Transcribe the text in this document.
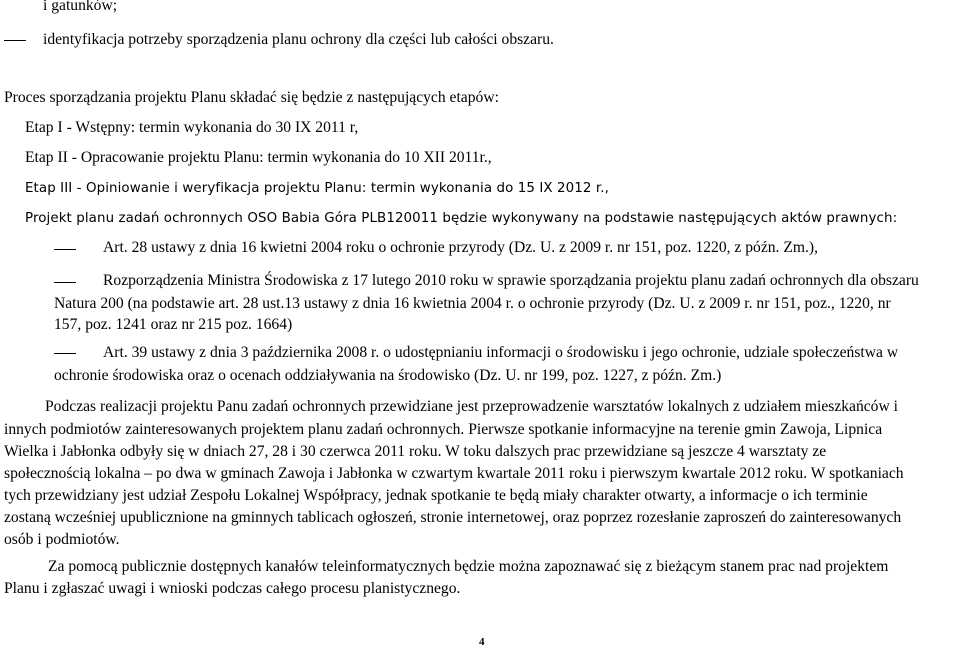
i gatunków;
identyfikacja potrzeby sporządzenia planu ochrony dla części lub całości obszaru.
Proces sporządzania projektu Planu składać się będzie z następujących etapów:
Etap I - Wstępny: termin wykonania do 30 IX 2011 r,
Etap II - Opracowanie projektu Planu: termin wykonania do 10 XII 2011r.,
Etap III - Opiniowanie i weryfikacja projektu Planu: termin wykonania do 15 IX 2012 r.,
Projekt planu zadań ochronnych OSO Babia Góra PLB120011 będzie wykonywany na podstawie następujących aktów prawnych:
Art. 28 ustawy z dnia 16 kwietni 2004 roku o ochronie przyrody (Dz. U. z 2009 r. nr 151, poz. 1220, z późn. Zm.),
Rozporządzenia Ministra Środowiska z 17 lutego 2010 roku w sprawie sporządzania projektu planu zadań ochronnych dla obszaru
Natura 200 (na podstawie art. 28 ust.13 ustawy z dnia 16 kwietnia 2004 r. o ochronie przyrody (Dz. U. z 2009 r. nr 151, poz., 1220, nr
157, poz. 1241 oraz nr 215 poz. 1664)
Art. 39 ustawy z dnia 3 października 2008 r. o udostępnianiu informacji o środowisku i jego ochronie, udziale społeczeństwa w
ochronie środowiska oraz o ocenach oddziaływania na środowisko (Dz. U. nr 199, poz. 1227, z późn. Zm.)
Podczas realizacji projektu Panu zadań ochronnych przewidziane jest przeprowadzenie warsztatów lokalnych z udziałem mieszkańców i
innych podmiotów zainteresowanych projektem planu zadań ochronnych. Pierwsze spotkanie informacyjne na terenie gmin Zawoja, Lipnica
Wielka i Jabłonka odbyły się w dniach 27, 28 i 30 czerwca 2011 roku. W toku dalszych prac przewidziane są jeszcze 4 warsztaty ze
społecznością lokalna – po dwa w gminach Zawoja i Jabłonka w czwartym kwartale 2011 roku i pierwszym kwartale 2012 roku. W spotkaniach
tych przewidziany jest udział Zespołu Lokalnej Współpracy, jednak spotkanie te będą miały charakter otwarty, a informacje o ich terminie
zostaną wcześniej upublicznione na gminnych tablicach ogłoszeń, stronie internetowej, oraz poprzez rozesłanie zaproszeń do zainteresowanych
osób i podmiotów.
Za pomocą publicznie dostępnych kanałów teleinformatycznych będzie można zapoznawać się z bieżącym stanem prac nad projektem
Planu i zgłaszać uwagi i wnioski podczas całego procesu planistycznego.
4
